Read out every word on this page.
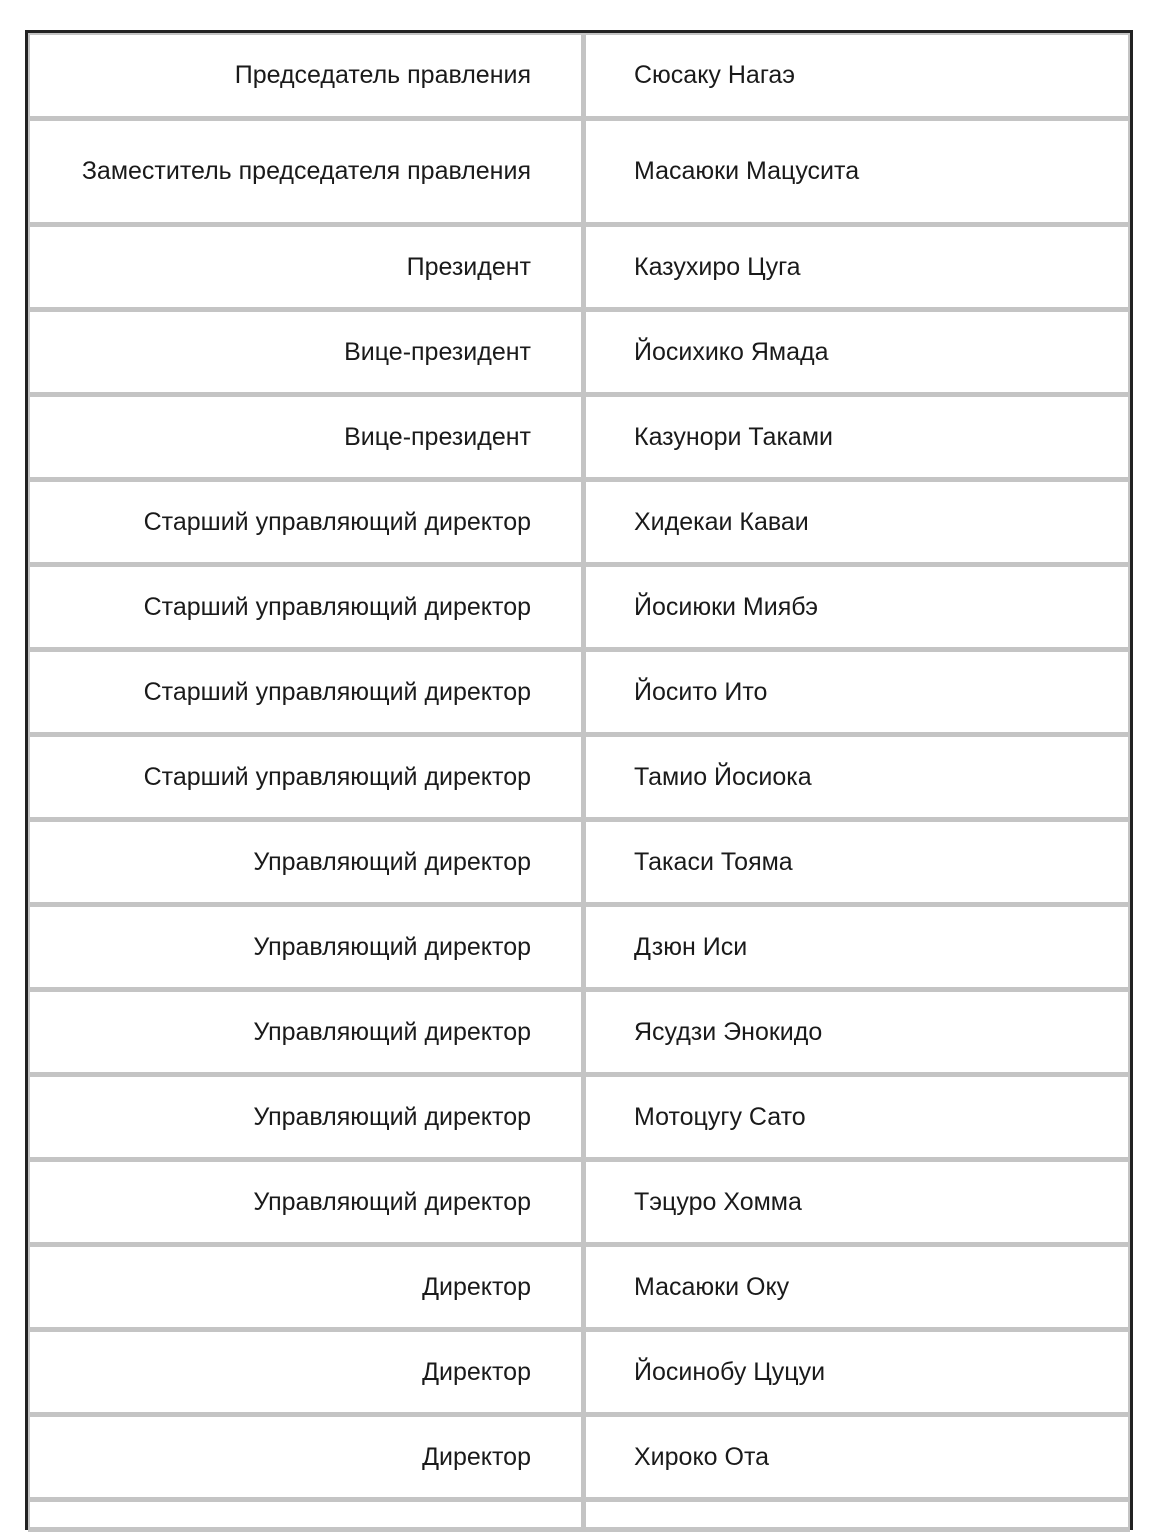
Председатель правления	Сюсаку Нагаэ
Заместитель председателя правления	Масаюки Мацусита
Президент	Казухиро Цуга
Вице-президент	Йосихико Ямада
Вице-президент	Казунори Таками
Старший управляющий директор	Хидекаи Каваи
Старший управляющий директор	Йосиюки Миябэ
Старший управляющий директор	Йосито Ито
Старший управляющий директор	Тамио Йосиока
Управляющий директор	Такаси Тояма
Управляющий директор	Дзюн Иси
Управляющий директор	Ясудзи Энокидо
Управляющий директор	Мотоцугу Сато
Управляющий директор	Тэцуро Хомма
Директор	Масаюки Оку
Директор	Йосинобу Цуцуи
Директор	Хироко Ота
